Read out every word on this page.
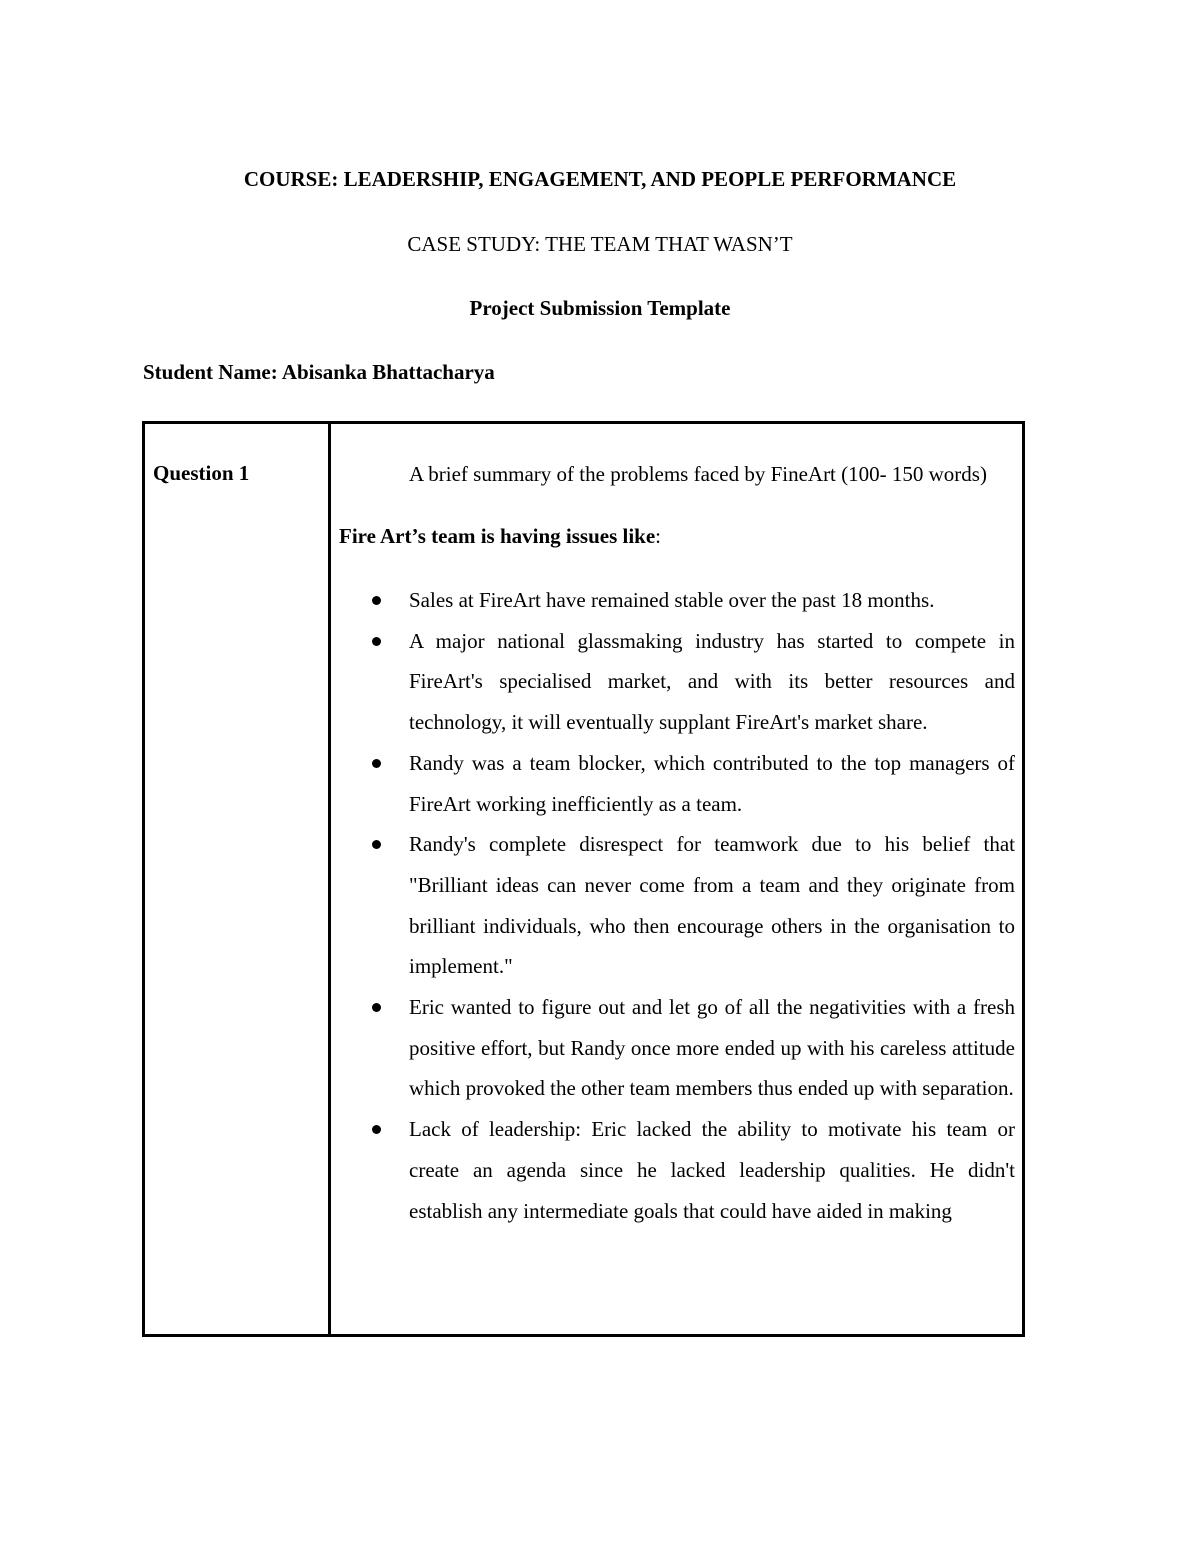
COURSE: LEADERSHIP, ENGAGEMENT, AND PEOPLE PERFORMANCE
CASE STUDY: THE TEAM THAT WASN’T
Project Submission Template
Student Name: Abisanka Bhattacharya
Question 1	A brief summary of the problems faced by FineArt (100- 150 words)

Fire Art’s team is having issues like:

Sales at FireArt have remained stable over the past 18 months.
A major national glassmaking industry has started to compete in FireArt's specialised market, and with its better resources and technology, it will eventually supplant FireArt's market share.
Randy was a team blocker, which contributed to the top managers of FireArt working inefficiently as a team.
Randy's complete disrespect for teamwork due to his belief that "Brilliant ideas can never come from a team and they originate from brilliant individuals, who then encourage others in the organisation to implement."
Eric wanted to figure out and let go of all the negativities with a fresh positive effort, but Randy once more ended up with his careless attitude which provoked the other team members thus ended up with separation.
Lack of leadership: Eric lacked the ability to motivate his team or create an agenda since he lacked leadership qualities. He didn't establish any intermediate goals that could have aided in making
